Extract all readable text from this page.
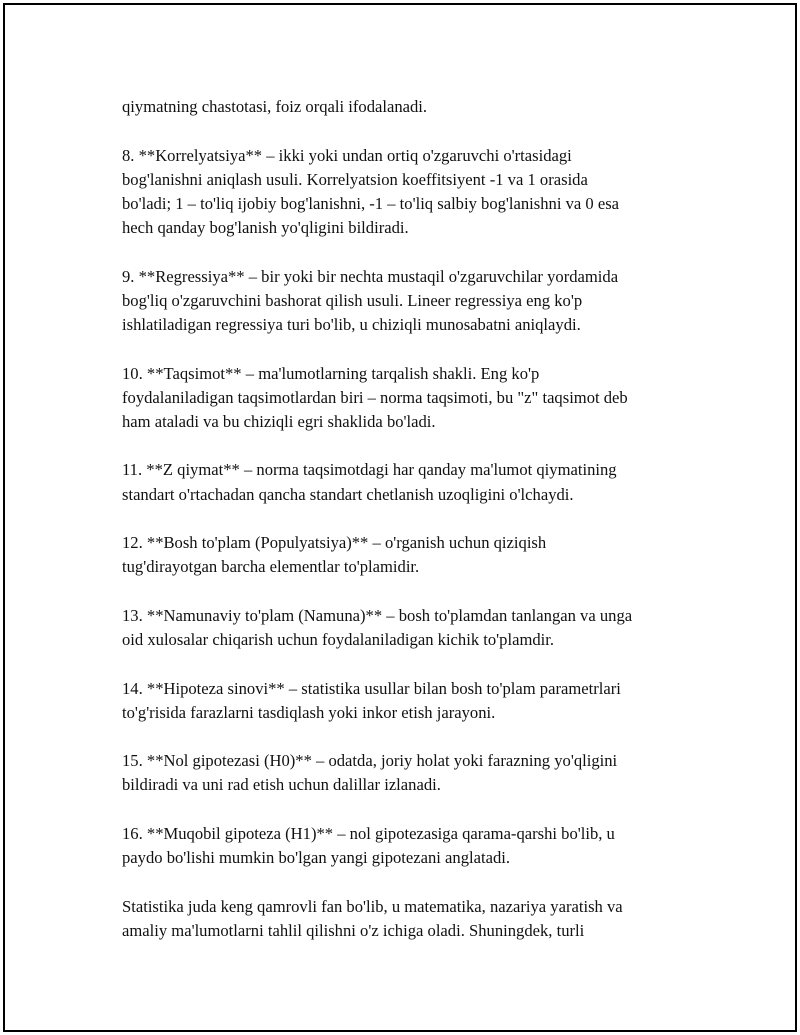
qiymatning chastotasi, foiz orqali ifodalanadi.

8. **Korrelyatsiya** – ikki yoki undan ortiq o'zgaruvchi o'rtasidagi
bog'lanishni aniqlash usuli. Korrelyatsion koeffitsiyent -1 va 1 orasida
bo'ladi; 1 – to'liq ijobiy bog'lanishni, -1 – to'liq salbiy bog'lanishni va 0 esa
hech qanday bog'lanish yo'qligini bildiradi.

9. **Regressiya** – bir yoki bir nechta mustaqil o'zgaruvchilar yordamida
bog'liq o'zgaruvchini bashorat qilish usuli. Lineer regressiya eng ko'p
ishlatiladigan regressiya turi bo'lib, u chiziqli munosabatni aniqlaydi.

10. **Taqsimot** – ma'lumotlarning tarqalish shakli. Eng ko'p
foydalaniladigan taqsimotlardan biri – norma taqsimoti, bu "z" taqsimot deb
ham ataladi va bu chiziqli egri shaklida bo'ladi.

11. **Z qiymat** – norma taqsimotdagi har qanday ma'lumot qiymatining
standart o'rtachadan qancha standart chetlanish uzoqligini o'lchaydi.

12. **Bosh to'plam (Populyatsiya)** – o'rganish uchun qiziqish
tug'dirayotgan barcha elementlar to'plamidir.

13. **Namunaviy to'plam (Namuna)** – bosh to'plamdan tanlangan va unga
oid xulosalar chiqarish uchun foydalaniladigan kichik to'plamdir.

14. **Hipoteza sinovi** – statistika usullar bilan bosh to'plam parametrlari
to'g'risida farazlarni tasdiqlash yoki inkor etish jarayoni.

15. **Nol gipotezasi (H0)** – odatda, joriy holat yoki farazning yo'qligini
bildiradi va uni rad etish uchun dalillar izlanadi.

16. **Muqobil gipoteza (H1)** – nol gipotezasiga qarama-qarshi bo'lib, u
paydo bo'lishi mumkin bo'lgan yangi gipotezani anglatadi.

Statistika juda keng qamrovli fan bo'lib, u matematika, nazariya yaratish va
amaliy ma'lumotlarni tahlil qilishni o'z ichiga oladi. Shuningdek, turli
